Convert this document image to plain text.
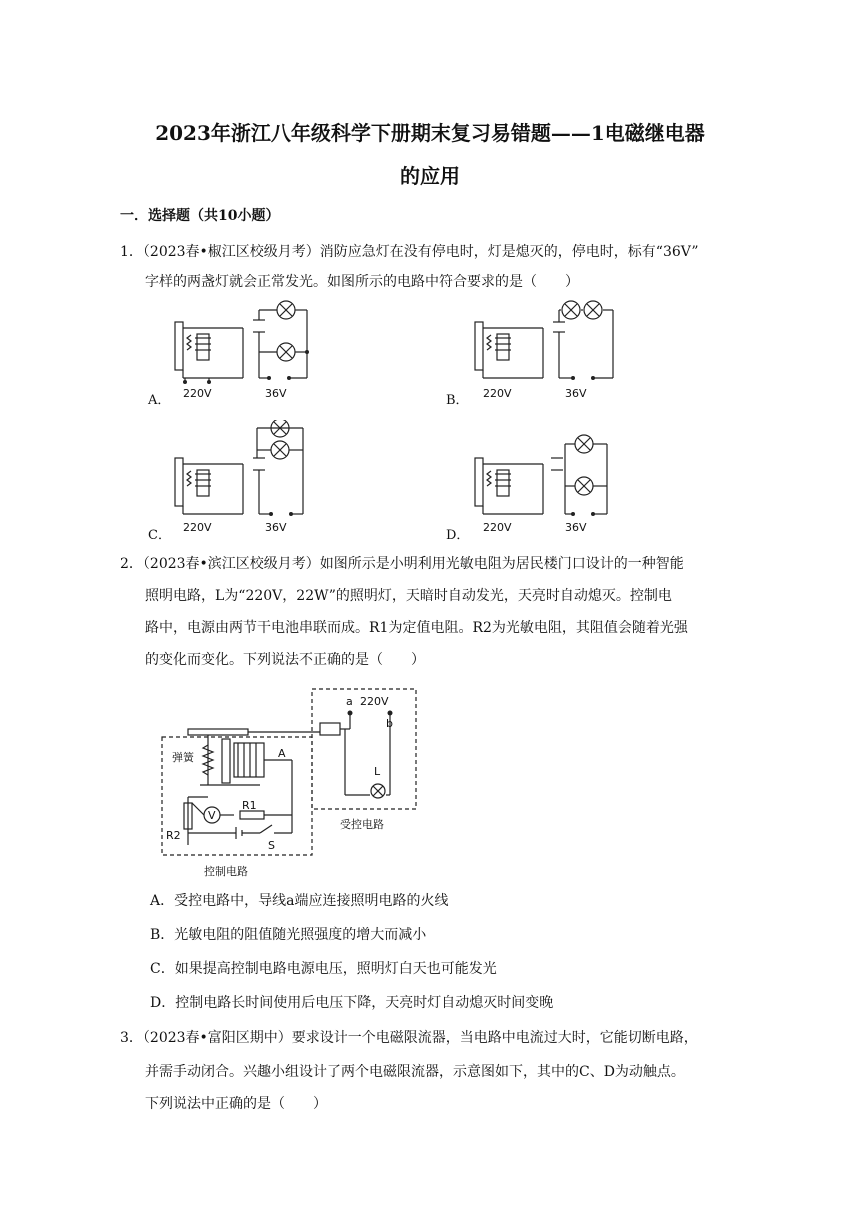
2023年浙江八年级科学下册期末复习易错题——1电磁继电器
的应用
一．选择题（共10小题）
1．（2023春•椒江区校级月考）消防应急灯在没有停电时，灯是熄灭的，停电时，标有“36V”
字样的两盏灯就会正常发光。如图所示的电路中符合要求的是（　　）
A．	B．
C．	D．
220V	36V	220V	36V
220V	36V	220V	36V
2．（2023春•滨江区校级月考）如图所示是小明利用光敏电阻为居民楼门口设计的一种智能
照明电路，L为“220V，22W”的照明灯，天暗时自动发光，天亮时自动熄灭。控制电
路中，电源由两节干电池串联而成。R1为定值电阻。R2为光敏电阻，其阻值会随着光强
的变化而变化。下列说法不正确的是（　　）
220V
a
b
L
A
V
R1
R2
S
弹簧
受控电路
控制电路
A．受控电路中，导线a端应连接照明电路的火线
B．光敏电阻的阻值随光照强度的增大而减小
C．如果提高控制电路电源电压，照明灯白天也可能发光
D．控制电路长时间使用后电压下降，天亮时灯自动熄灭时间变晚
3．（2023春•富阳区期中）要求设计一个电磁限流器，当电路中电流过大时，它能切断电路，
并需手动闭合。兴趣小组设计了两个电磁限流器，示意图如下，其中的C、D为动触点。
下列说法中正确的是（　　）
